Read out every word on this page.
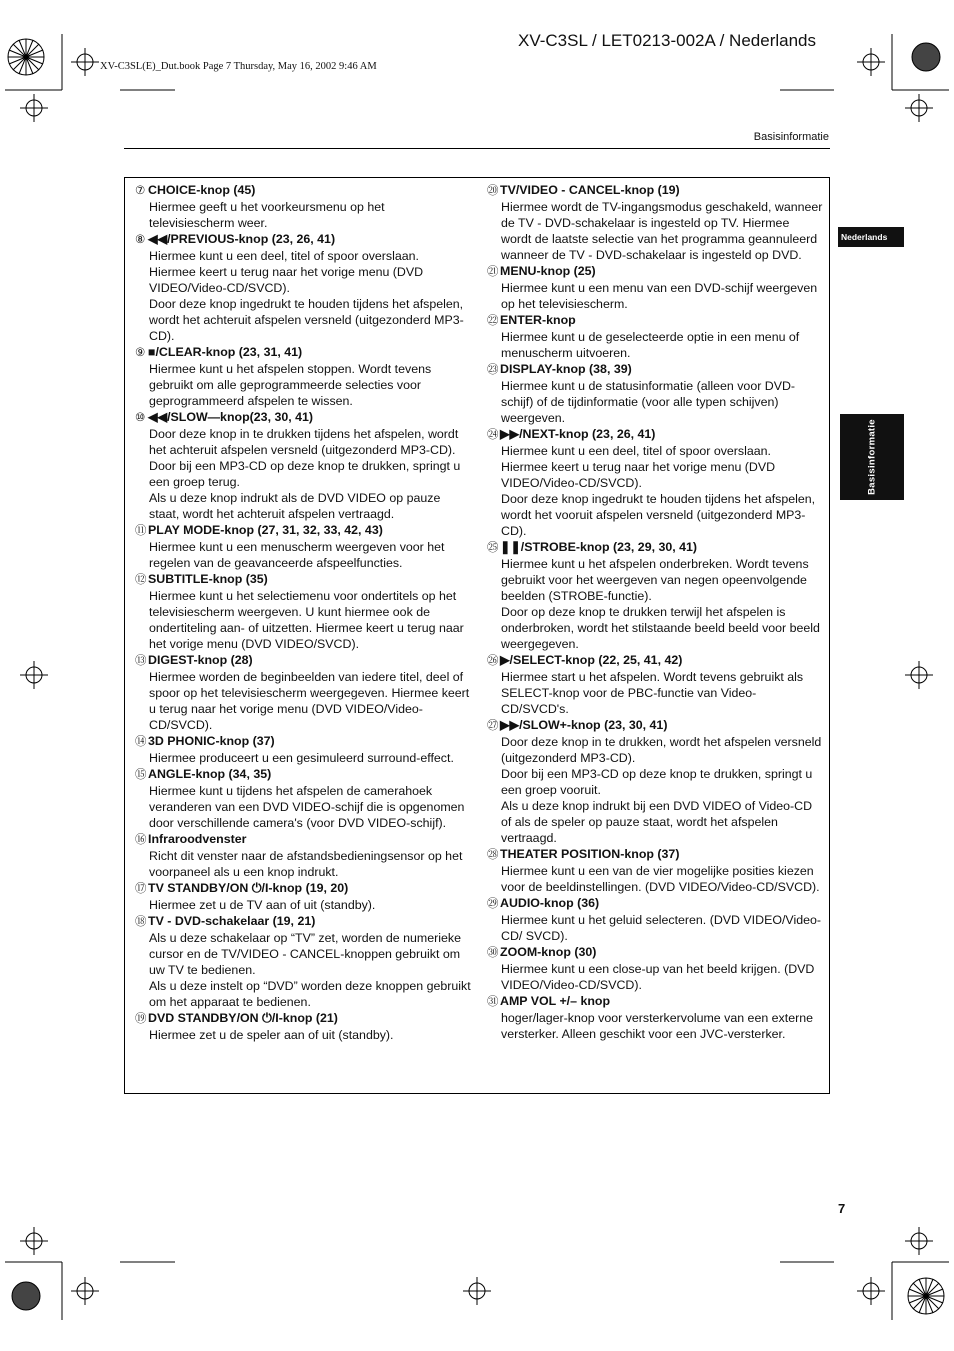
XV-C3SL / LET0213-002A / Nederlands
XV-C3SL(E)_Dut.book Page 7 Thursday, May 16, 2002 9:46 AM
Basisinformatie
Nederlands
Basisinformatie
⑦ CHOICE-knop (45)

Hiermee geeft u het voorkeursmenu op het televisiescherm weer.

⑧ ◀◀/PREVIOUS-knop (23, 26, 41)

Hiermee kunt u een deel, titel of spoor overslaan.

Hiermee keert u terug naar het vorige menu (DVD VIDEO/Video-CD/SVCD).

Door deze knop ingedrukt te houden tijdens het afspelen, wordt het achteruit afspelen versneld (uitgezonderd MP3-CD).

⑨ ■/CLEAR-knop (23, 31, 41)

Hiermee kunt u het afspelen stoppen. Wordt tevens gebruikt om alle geprogrammeerde selecties voor geprogrammeerd afspelen te wissen.

⑩ ◀◀/SLOW—knop(23, 30, 41)

Door deze knop in te drukken tijdens het afspelen, wordt het achteruit afspelen versneld (uitgezonderd MP3-CD).

Door bij een MP3-CD op deze knop te drukken, springt u een groep terug.

Als u deze knop indrukt als de DVD VIDEO op pauze staat, wordt het achteruit afspelen vertraagd.

⑪ PLAY MODE-knop (27, 31, 32, 33, 42, 43)

Hiermee kunt u een menuscherm weergeven voor het regelen van de geavanceerde afspeelfuncties.

⑫ SUBTITLE-knop (35)

Hiermee kunt u het selectiemenu voor ondertitels op het televisiescherm weergeven. U kunt hiermee ook de ondertiteling aan- of uitzetten. Hiermee keert u terug naar het vorige menu (DVD VIDEO/SVCD).

⑬ DIGEST-knop (28)

Hiermee worden de beginbeelden van iedere titel, deel of spoor op het televisiescherm weergegeven. Hiermee keert u terug naar het vorige menu (DVD VIDEO/Video-CD/SVCD).

⑭ 3D PHONIC-knop (37)

Hiermee produceert u een gesimuleerd surround-effect.

⑮ ANGLE-knop (34, 35)

Hiermee kunt u tijdens het afspelen de camerahoek veranderen van een DVD VIDEO-schijf die is opgenomen door verschillende camera's (voor DVD VIDEO-schijf).

⑯ Infraroodvenster

Richt dit venster naar de afstandsbedieningsensor op het voorpaneel als u een knop indrukt.

⑰ TV STANDBY/ON ⏻/I-knop (19, 20)

Hiermee zet u de TV aan of uit (standby).

⑱ TV - DVD-schakelaar (19, 21)

Als u deze schakelaar op “TV” zet, worden de numerieke cursor en de TV/VIDEO - CANCEL-knoppen gebruikt om uw TV te bedienen.

Als u deze instelt op “DVD” worden deze knoppen gebruikt om het apparaat te bedienen.

⑲ DVD STANDBY/ON ⏻/I-knop (21)

Hiermee zet u de speler aan of uit (standby).

⑳ TV/VIDEO - CANCEL-knop (19)

Hiermee wordt de TV-ingangsmodus geschakeld, wanneer de TV - DVD-schakelaar is ingesteld op TV. Hiermee wordt de laatste selectie van het programma geannuleerd wanneer de TV - DVD-schakelaar is ingesteld op DVD.

㉑ MENU-knop (25)

Hiermee kunt u een menu van een DVD-schijf weergeven op het televisiescherm.

㉒ ENTER-knop

Hiermee kunt u de geselecteerde optie in een menu of menuscherm uitvoeren.

㉓ DISPLAY-knop (38, 39)

Hiermee kunt u de statusinformatie (alleen voor DVD-schijf) of de tijdinformatie (voor alle typen schijven) weergeven.

㉔ ▶▶/NEXT-knop (23, 26, 41)

Hiermee kunt u een deel, titel of spoor overslaan.

Hiermee keert u terug naar het vorige menu (DVD VIDEO/Video-CD/SVCD).

Door deze knop ingedrukt te houden tijdens het afspelen, wordt het vooruit afspelen versneld (uitgezonderd MP3-CD).

㉕ ❚❚/STROBE-knop (23, 29, 30, 41)

Hiermee kunt u het afspelen onderbreken. Wordt tevens gebruikt voor het weergeven van negen opeenvolgende beelden (STROBE-functie).

Door op deze knop te drukken terwijl het afspelen is onderbroken, wordt het stilstaande beeld beeld voor beeld weergegeven.

㉖ ▶/SELECT-knop (22, 25, 41, 42)

Hiermee start u het afspelen. Wordt tevens gebruikt als SELECT-knop voor de PBC-functie van Video-CD/SVCD's.

㉗ ▶▶/SLOW+-knop (23, 30, 41)

Door deze knop in te drukken, wordt het afspelen versneld (uitgezonderd MP3-CD).

Door bij een MP3-CD op deze knop te drukken, springt u een groep vooruit.

Als u deze knop indrukt bij een DVD VIDEO of Video-CD of als de speler op pauze staat, wordt het afspelen vertraagd.

㉘ THEATER POSITION-knop (37)

Hiermee kunt u een van de vier mogelijke posities kiezen voor de beeldinstellingen. (DVD VIDEO/Video-CD/SVCD).

㉙ AUDIO-knop (36)

Hiermee kunt u het geluid selecteren. (DVD VIDEO/Video-CD/ SVCD).

㉚ ZOOM-knop (30)

Hiermee kunt u een close-up van het beeld krijgen. (DVD VIDEO/Video-CD/SVCD).

㉛ AMP VOL +/– knop

hoger/lager-knop voor versterkervolume van een externe versterker. Alleen geschikt voor een JVC-versterker.

7
